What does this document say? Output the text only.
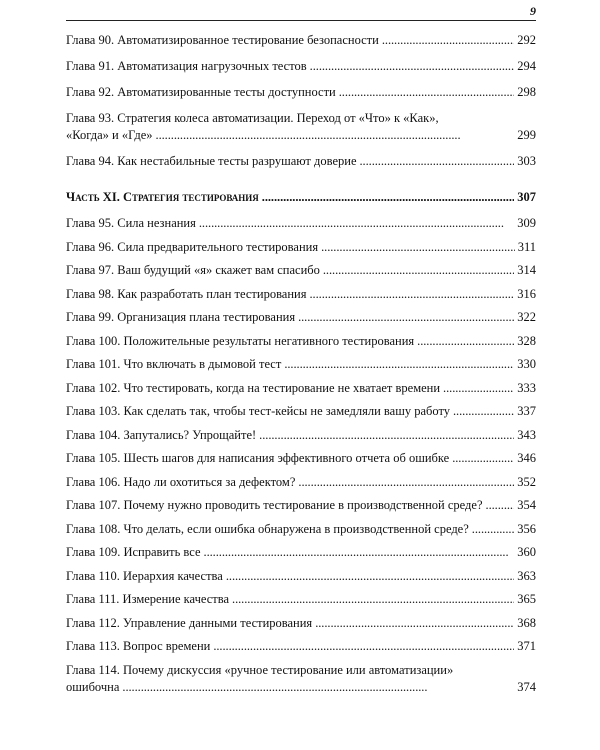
9
Глава 90. Автоматизированное тестирование безопасности . . .	292
Глава 91. Автоматизация нагрузочных тестов . . .	294
Глава 92. Автоматизированные тесты доступности . . .	298
Глава 93. Стратегия колеса автоматизации. Переход от «Что» к «Как»,
«Когда» и «Где» . . .	299
Глава 94. Как нестабильные тесты разрушают доверие . . .	303
Часть XI. Стратегия тестирования . . .	307
Глава 95. Сила незнания . . .	309
Глава 96. Сила предварительного тестирования . . .	311
Глава 97. Ваш будущий «я» скажет вам спасибо . . .	314
Глава 98. Как разработать план тестирования . . .	316
Глава 99. Организация плана тестирования . . .	322
Глава 100. Положительные результаты негативного тестирования . . .	328
Глава 101. Что включать в дымовой тест . . .	330
Глава 102. Что тестировать, когда на тестирование не хватает времени . . .	333
Глава 103. Как сделать так, чтобы тест-кейсы не замедляли вашу работу . . .	337
Глава 104. Запутались? Упрощайте! . . .	343
Глава 105. Шесть шагов для написания эффективного отчета об ошибке . . .	346
Глава 106. Надо ли охотиться за дефектом? . . .	352
Глава 107. Почему нужно проводить тестирование в производственной среде? . . .	354
Глава 108. Что делать, если ошибка обнаружена в производственной среде? . . .	356
Глава 109. Исправить все . . .	360
Глава 110. Иерархия качества . . .	363
Глава 111. Измерение качества . . .	365
Глава 112. Управление данными тестирования . . .	368
Глава 113. Вопрос времени . . .	371
Глава 114. Почему дискуссия «ручное тестирование или автоматизации»
ошибочна . . .	374
